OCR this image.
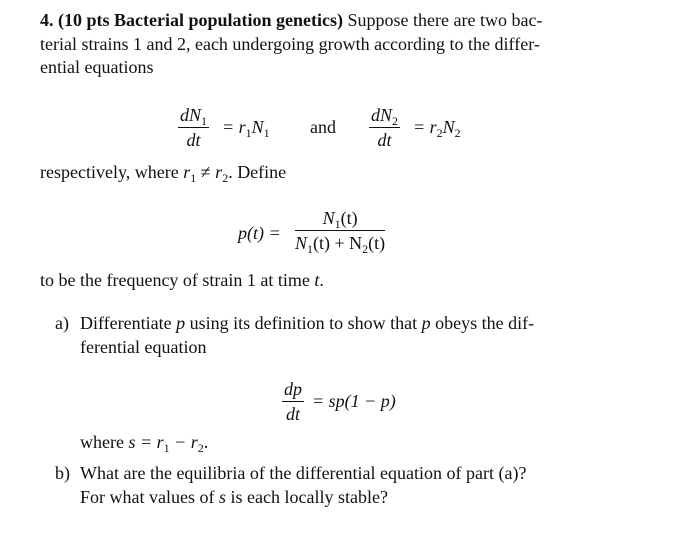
4. (10 pts Bacterial population genetics) Suppose there are two bac-
terial strains 1 and 2, each undergoing growth according to the differ-
ential equations
$\frac{dN_1}{dt} = r_1N_1$ and $\frac{dN_2}{dt} = r_2N_2$
respectively, where $r_1 \ne r_2$. Define
$p(t) = \frac{N_1(t)}{N_1(t) + N_2(t)}$
to be the frequency of strain 1 at time t.
a) Differentiate p using its definition to show that p obeys the dif-
ferential equation
$\frac{dp}{dt} = sp(1 - p)$
where $s = r_1 - r_2$.
b) What are the equilibria of the differential equation of part (a)?
For what values of s is each locally stable?
